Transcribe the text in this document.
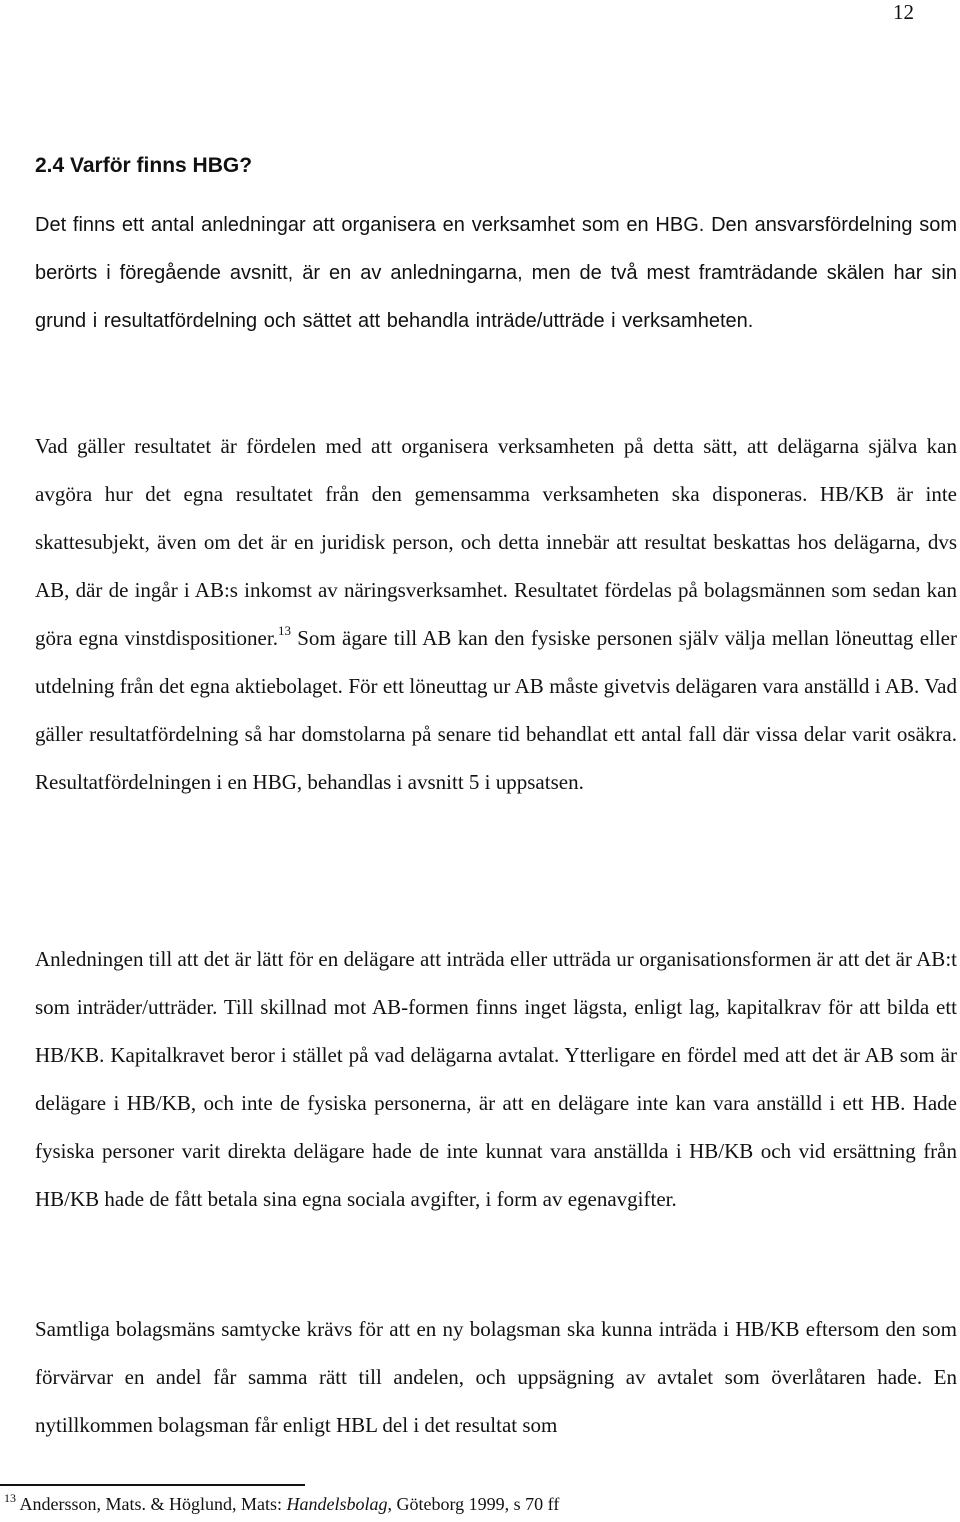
12
2.4 Varför finns HBG?

Det finns ett antal anledningar att organisera en verksamhet som en HBG. Den ansvarsfördelning som berörts i föregående avsnitt, är en av anledningarna, men de två mest framträdande skälen har sin grund i resultatfördelning och sättet att behandla inträde/utträde i verksamheten.

Vad gäller resultatet är fördelen med att organisera verksamheten på detta sätt, att delägarna själva kan avgöra hur det egna resultatet från den gemensamma verksamheten ska disponeras. HB/KB är inte skattesubjekt, även om det är en juridisk person, och detta innebär att resultat beskattas hos delägarna, dvs AB, där de ingår i AB:s inkomst av näringsverksamhet. Resultatet fördelas på bolagsmännen som sedan kan göra egna vinstdispositioner.$^{13}$ Som ägare till AB kan den fysiske personen själv välja mellan löneuttag eller utdelning från det egna aktiebolaget. För ett löneuttag ur AB måste givetvis delägaren vara anställd i AB. Vad gäller resultatfördelning så har domstolarna på senare tid behandlat ett antal fall där vissa delar varit osäkra. Resultatfördelningen i en HBG, behandlas i avsnitt 5 i uppsatsen.

Anledningen till att det är lätt för en delägare att inträda eller utträda ur organisationsformen är att det är AB:t som inträder/utträder. Till skillnad mot AB-formen finns inget lägsta, enligt lag, kapitalkrav för att bilda ett HB/KB. Kapitalkravet beror i stället på vad delägarna avtalat. Ytterligare en fördel med att det är AB som är delägare i HB/KB, och inte de fysiska personerna, är att en delägare inte kan vara anställd i ett HB. Hade fysiska personer varit direkta delägare hade de inte kunnat vara anställda i HB/KB och vid ersättning från HB/KB hade de fått betala sina egna sociala avgifter, i form av egenavgifter.

Samtliga bolagsmäns samtycke krävs för att en ny bolagsman ska kunna inträda i HB/KB eftersom den som förvärvar en andel får samma rätt till andelen, och uppsägning av avtalet som överlåtaren hade. En nytillkommen bolagsman får enligt HBL del i det resultat som

$^{13}$ Andersson, Mats. & Höglund, Mats: Handelsbolag, Göteborg 1999, s 70 ff
